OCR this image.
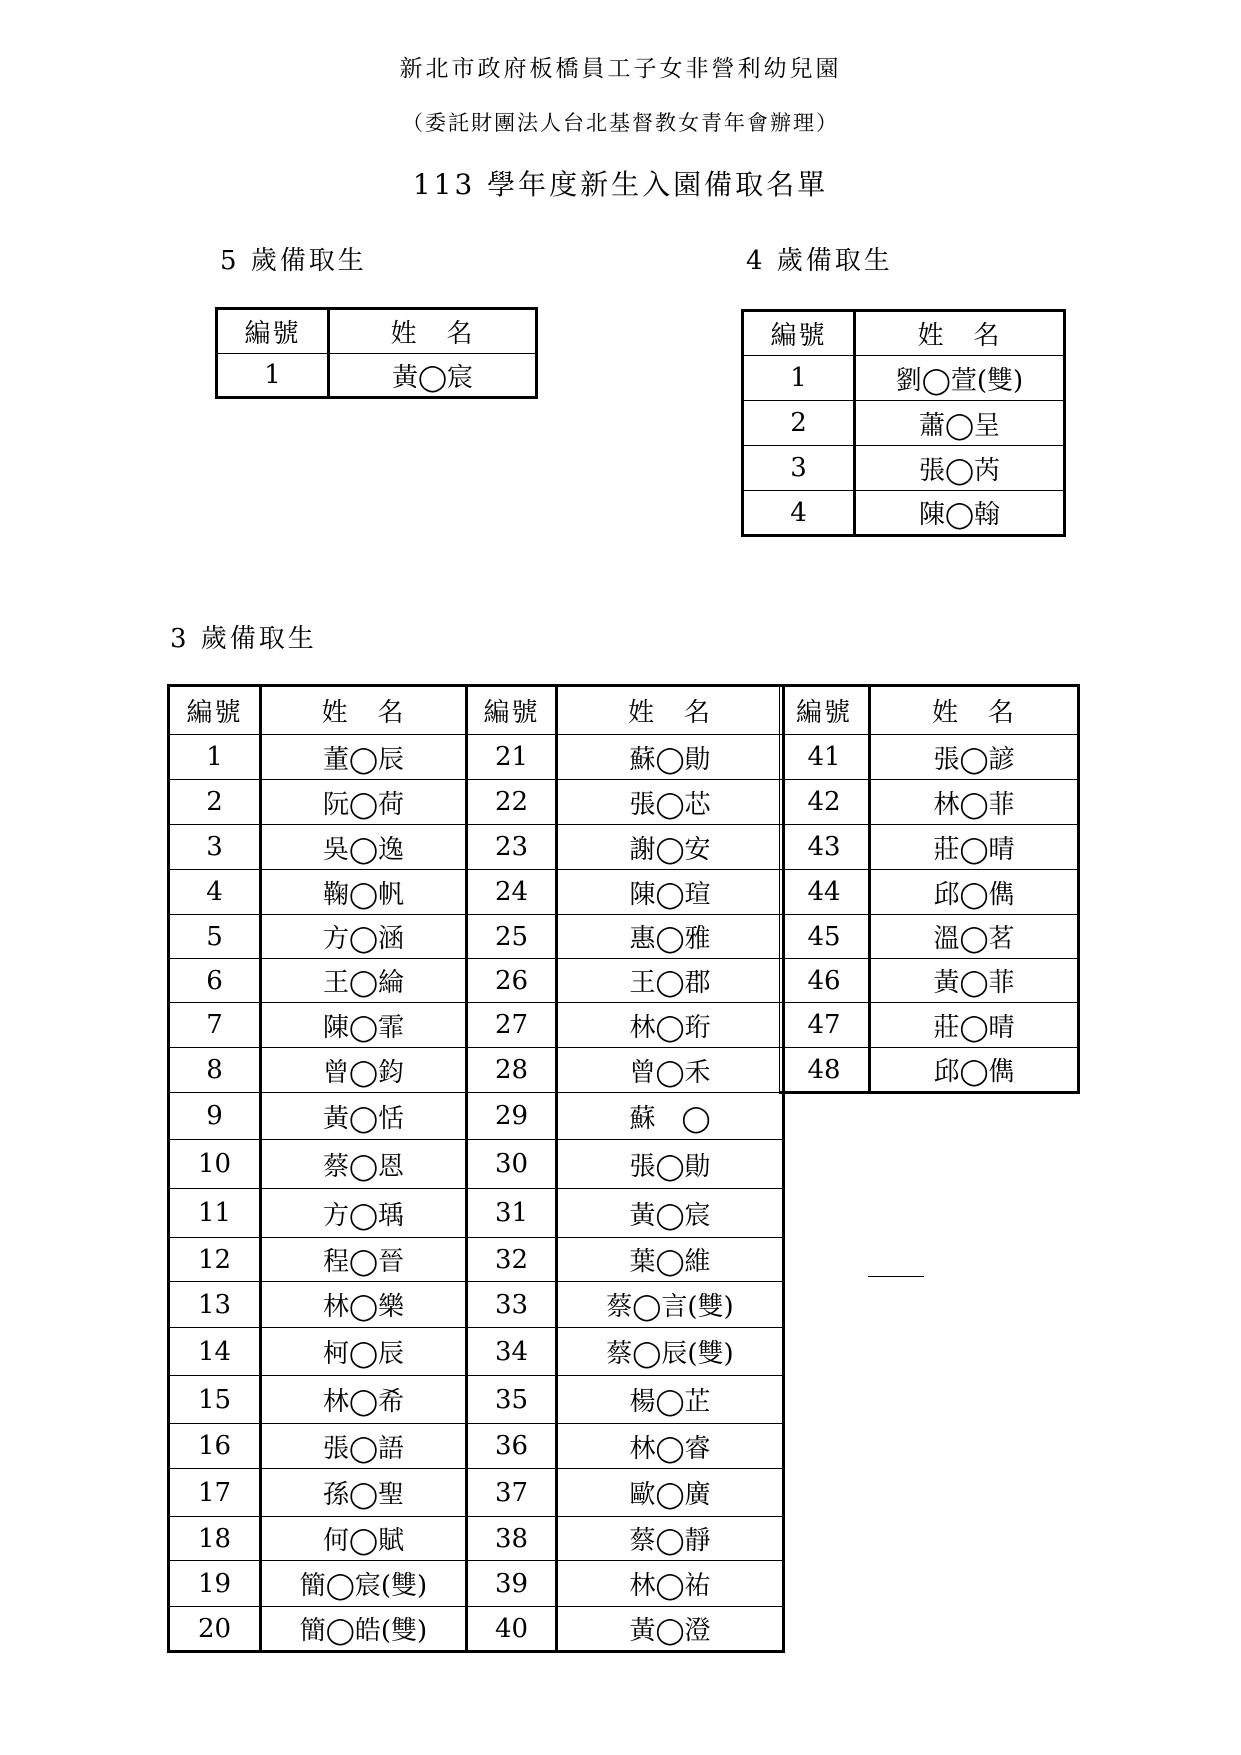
新北市政府板橋員工子女非營利幼兒園
（委託財團法人台北基督教女青年會辦理）
113 學年度新生入園備取名單
5 歲備取生
編號	姓　名
1	黃◯宸
4 歲備取生
編號	姓　名
1	劉◯萱(雙)
2	蕭◯呈
3	張◯芮
4	陳◯翰
3 歲備取生
編號	姓　名	編號	姓　名
1	董◯辰	21	蘇◯勛
2	阮◯荷	22	張◯芯
3	吳◯逸	23	謝◯安
4	鞠◯帆	24	陳◯瑄
5	方◯涵	25	惠◯雅
6	王◯綸	26	王◯郡
7	陳◯霏	27	林◯珩
8	曾◯鈞	28	曾◯禾
9	黃◯恬	29	蘇　◯
10	蔡◯恩	30	張◯勛
11	方◯瑀	31	黃◯宸
12	程◯晉	32	葉◯維
13	林◯樂	33	蔡◯言(雙)
14	柯◯辰	34	蔡◯辰(雙)
15	林◯希	35	楊◯芷
16	張◯語	36	林◯睿
17	孫◯聖	37	歐◯廣
18	何◯賦	38	蔡◯靜
19	簡◯宸(雙)	39	林◯祐
20	簡◯皓(雙)	40	黃◯澄
編號	姓　名
41	張◯諺
42	林◯菲
43	莊◯晴
44	邱◯儁
45	溫◯茗
46	黃◯菲
47	莊◯晴
48	邱◯儁
